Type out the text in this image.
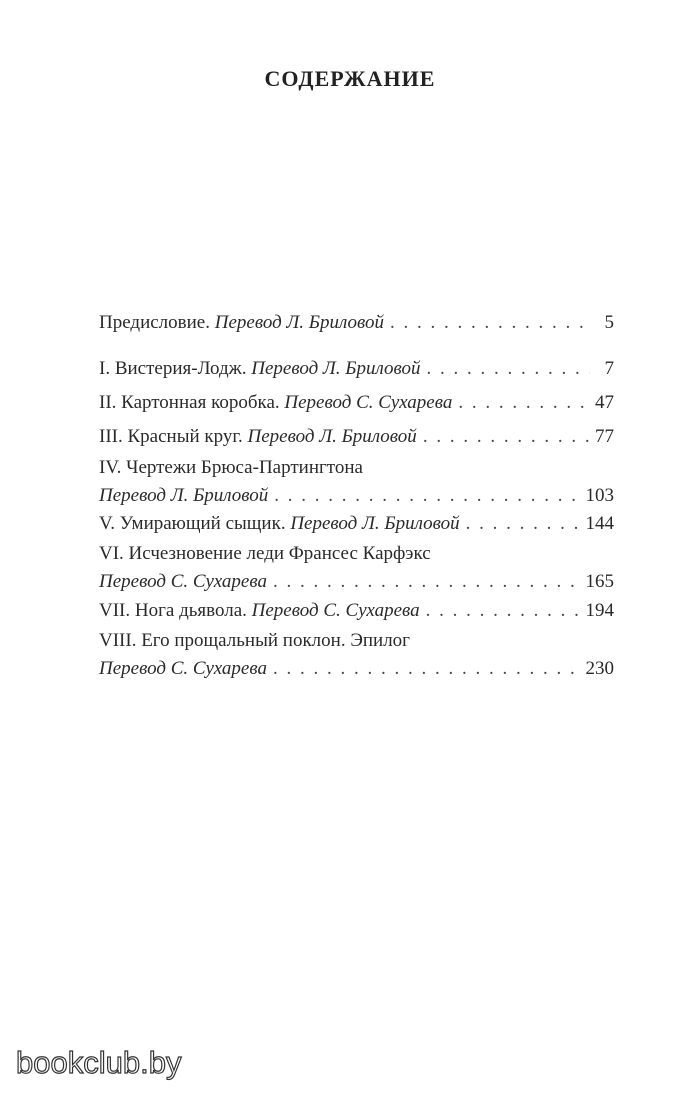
СОДЕРЖАНИЕ
Предисловие.
Перевод Л. Бриловой . . .	5
I. Вистерия-Лодж.
Перевод Л. Бриловой . . .	7
II. Картонная коробка.
Перевод С. Сухарева . . .	47
III. Красный круг.
Перевод Л. Бриловой . . .	77
IV. Чертежи Брюса-Партингтона
Перевод Л. Бриловой . . .	103
V. Умирающий сыщик.
Перевод Л. Бриловой . . .	144
VI. Исчезновение леди Франсес Карфэкс
Перевод С. Сухарева . . .	165
VII. Нога дьявола.
Перевод С. Сухарева . . .	194
VIII. Его прощальный поклон. Эпилог
Перевод С. Сухарева . . .	230
bookclub.by
